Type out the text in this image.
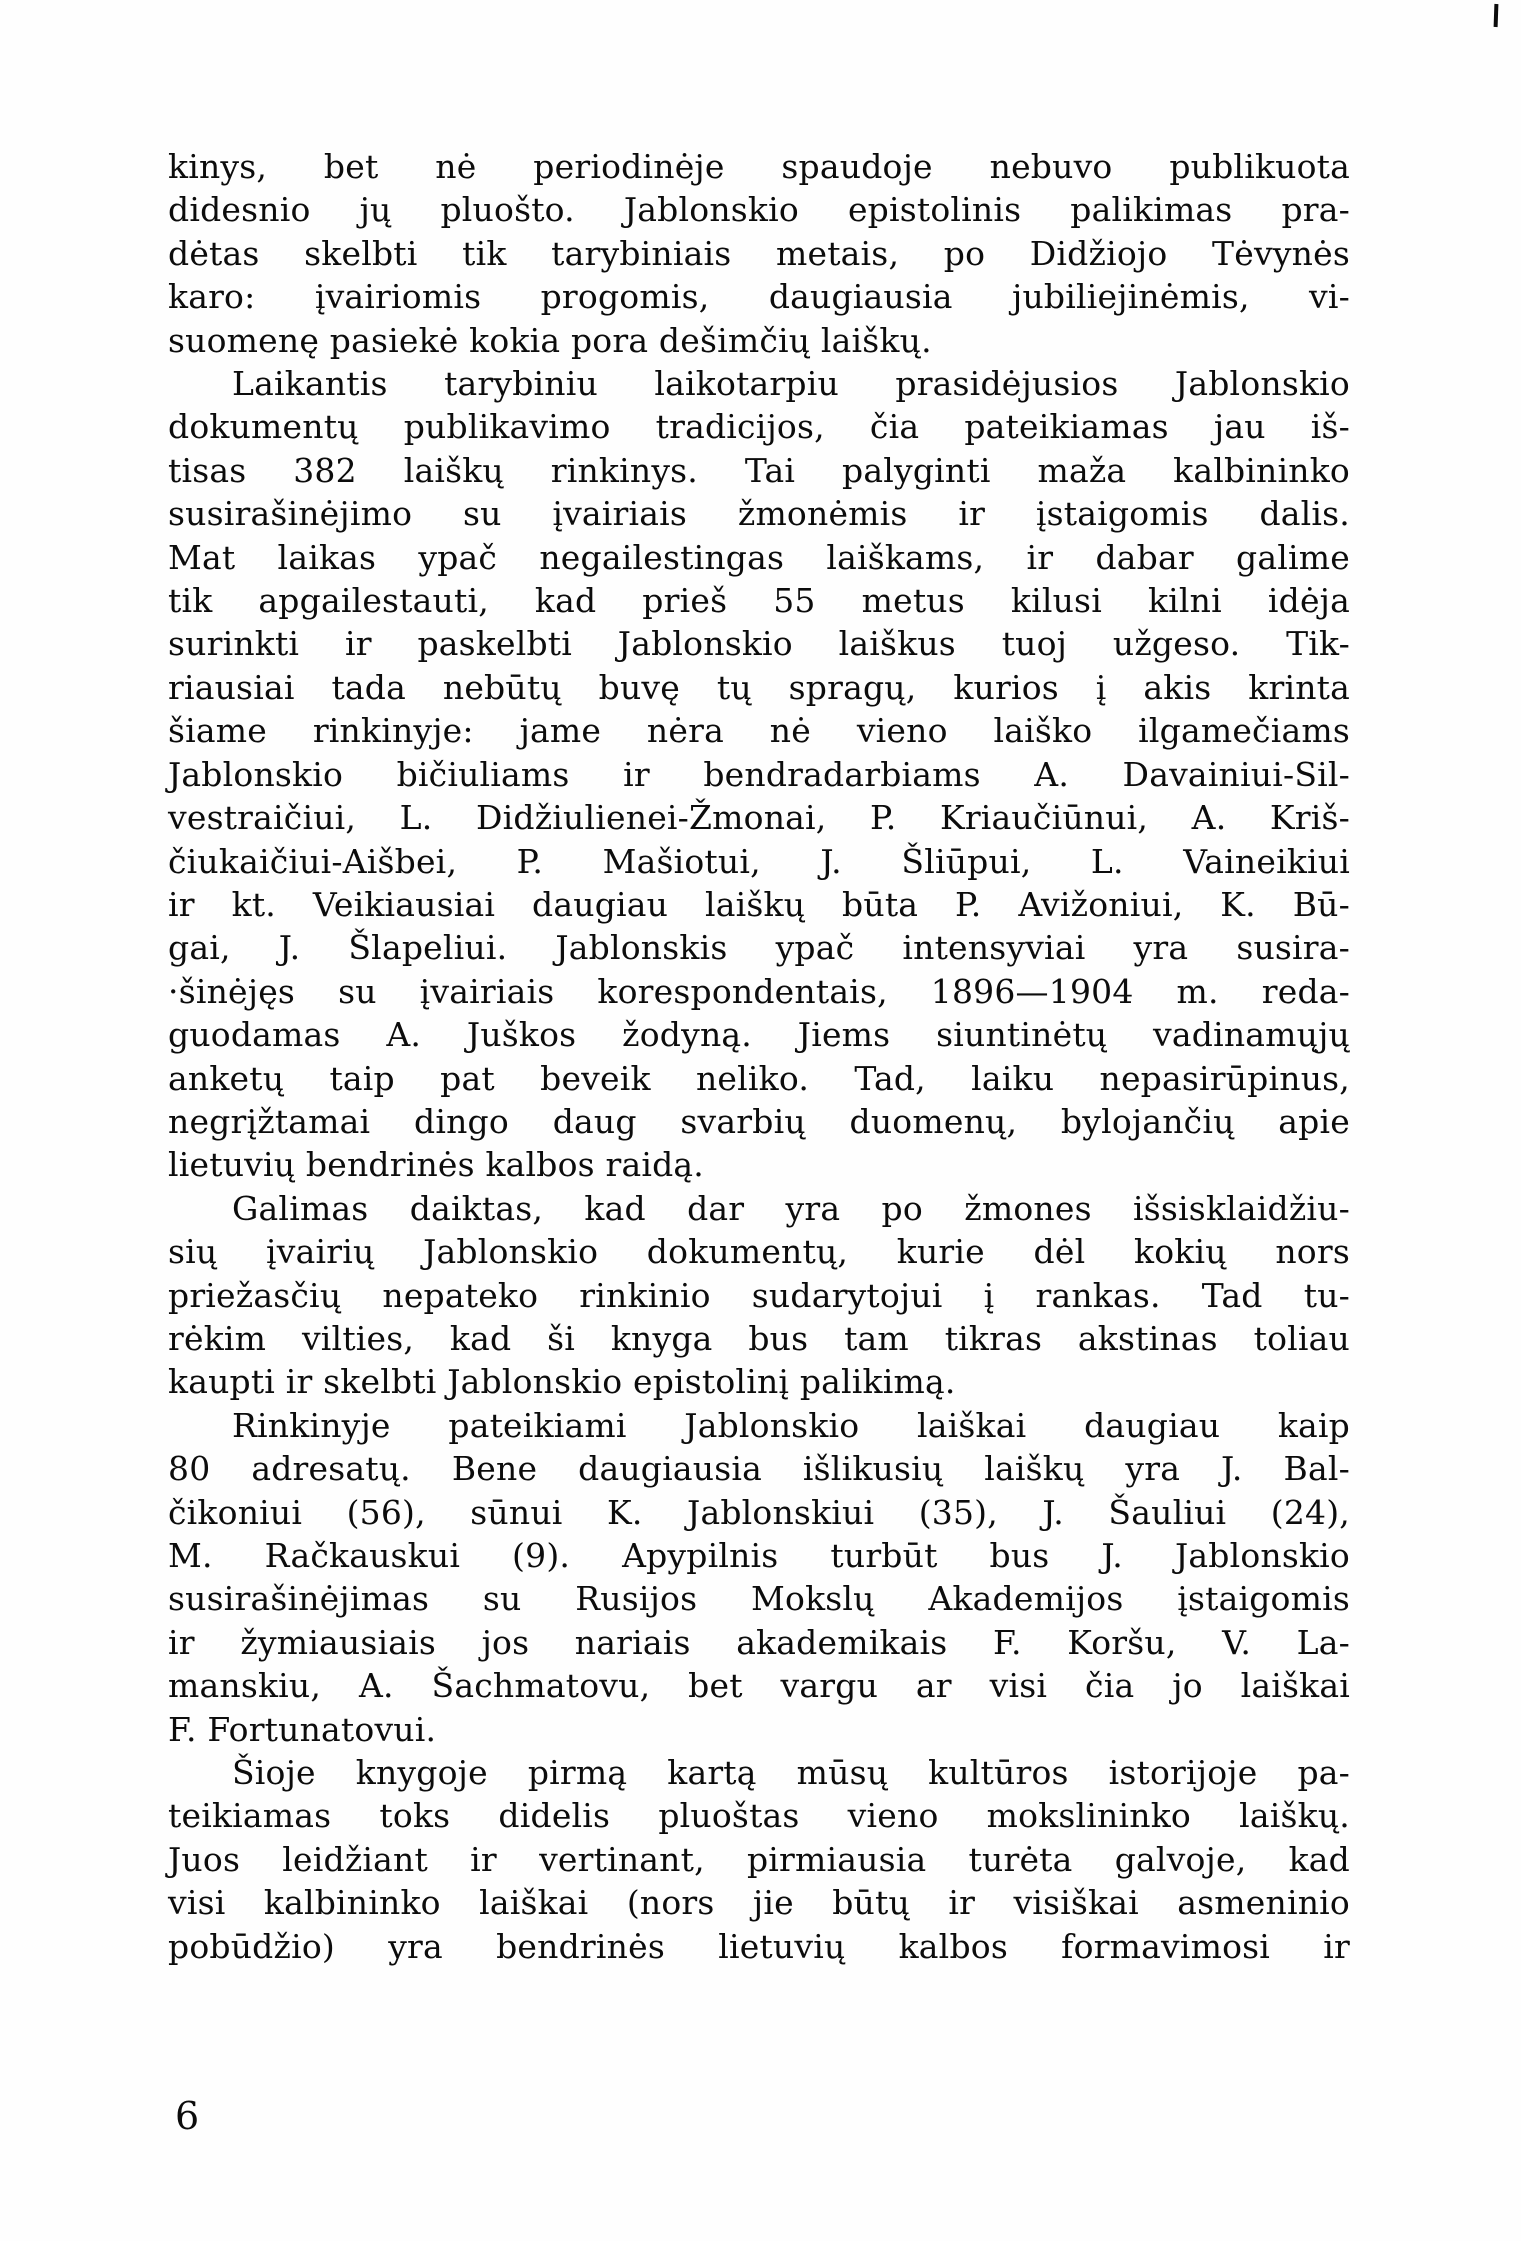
kinys, bet nė periodinėje spaudoje nebuvo publikuota
didesnio jų pluošto. Jablonskio epistolinis palikimas pra-
dėtas skelbti tik tarybiniais metais, po Didžiojo Tėvynės
karo: įvairiomis progomis, daugiausia jubiliejinėmis, vi-
suomenę pasiekė kokia pora dešimčių laiškų.
Laikantis tarybiniu laikotarpiu prasidėjusios Jablonskio
dokumentų publikavimo tradicijos, čia pateikiamas jau iš-
tisas 382 laiškų rinkinys. Tai palyginti maža kalbininko
susirašinėjimo su įvairiais žmonėmis ir įstaigomis dalis.
Mat laikas ypač negailestingas laiškams, ir dabar galime
tik apgailestauti, kad prieš 55 metus kilusi kilni idėja
surinkti ir paskelbti Jablonskio laiškus tuoj užgeso. Tik-
riausiai tada nebūtų buvę tų spragų, kurios į akis krinta
šiame rinkinyje: jame nėra nė vieno laiško ilgamečiams
Jablonskio bičiuliams ir bendradarbiams A. Davainiui-Sil-
vestraičiui, L. Didžiulienei-Žmonai, P. Kriaučiūnui, A. Kriš-
čiukaičiui-Aišbei, P. Mašiotui, J. Šliūpui, L. Vaineikiui
ir kt. Veikiausiai daugiau laiškų būta P. Avižoniui, K. Bū-
gai, J. Šlapeliui. Jablonskis ypač intensyviai yra susira-
·šinėjęs su įvairiais korespondentais, 1896—1904 m. reda-
guodamas A. Juškos žodyną. Jiems siuntinėtų vadinamųjų
anketų taip pat beveik neliko. Tad, laiku nepasirūpinus,
negrįžtamai dingo daug svarbių duomenų, bylojančių apie
lietuvių bendrinės kalbos raidą.
Galimas daiktas, kad dar yra po žmones išsisklaidžiu-
sių įvairių Jablonskio dokumentų, kurie dėl kokių nors
priežasčių nepateko rinkinio sudarytojui į rankas. Tad tu-
rėkim vilties, kad ši knyga bus tam tikras akstinas toliau
kaupti ir skelbti Jablonskio epistolinį palikimą.
Rinkinyje pateikiami Jablonskio laiškai daugiau kaip
80 adresatų. Bene daugiausia išlikusių laiškų yra J. Bal-
čikoniui (56), sūnui K. Jablonskiui (35), J. Šauliui (24),
M. Račkauskui (9). Apypilnis turbūt bus J. Jablonskio
susirašinėjimas su Rusijos Mokslų Akademijos įstaigomis
ir žymiausiais jos nariais akademikais F. Koršu, V. La-
manskiu, A. Šachmatovu, bet vargu ar visi čia jo laiškai
F. Fortunatovui.
Šioje knygoje pirmą kartą mūsų kultūros istorijoje pa-
teikiamas toks didelis pluoštas vieno mokslininko laiškų.
Juos leidžiant ir vertinant, pirmiausia turėta galvoje, kad
visi kalbininko laiškai (nors jie būtų ir visiškai asmeninio
pobūdžio) yra bendrinės lietuvių kalbos formavimosi ir
6
